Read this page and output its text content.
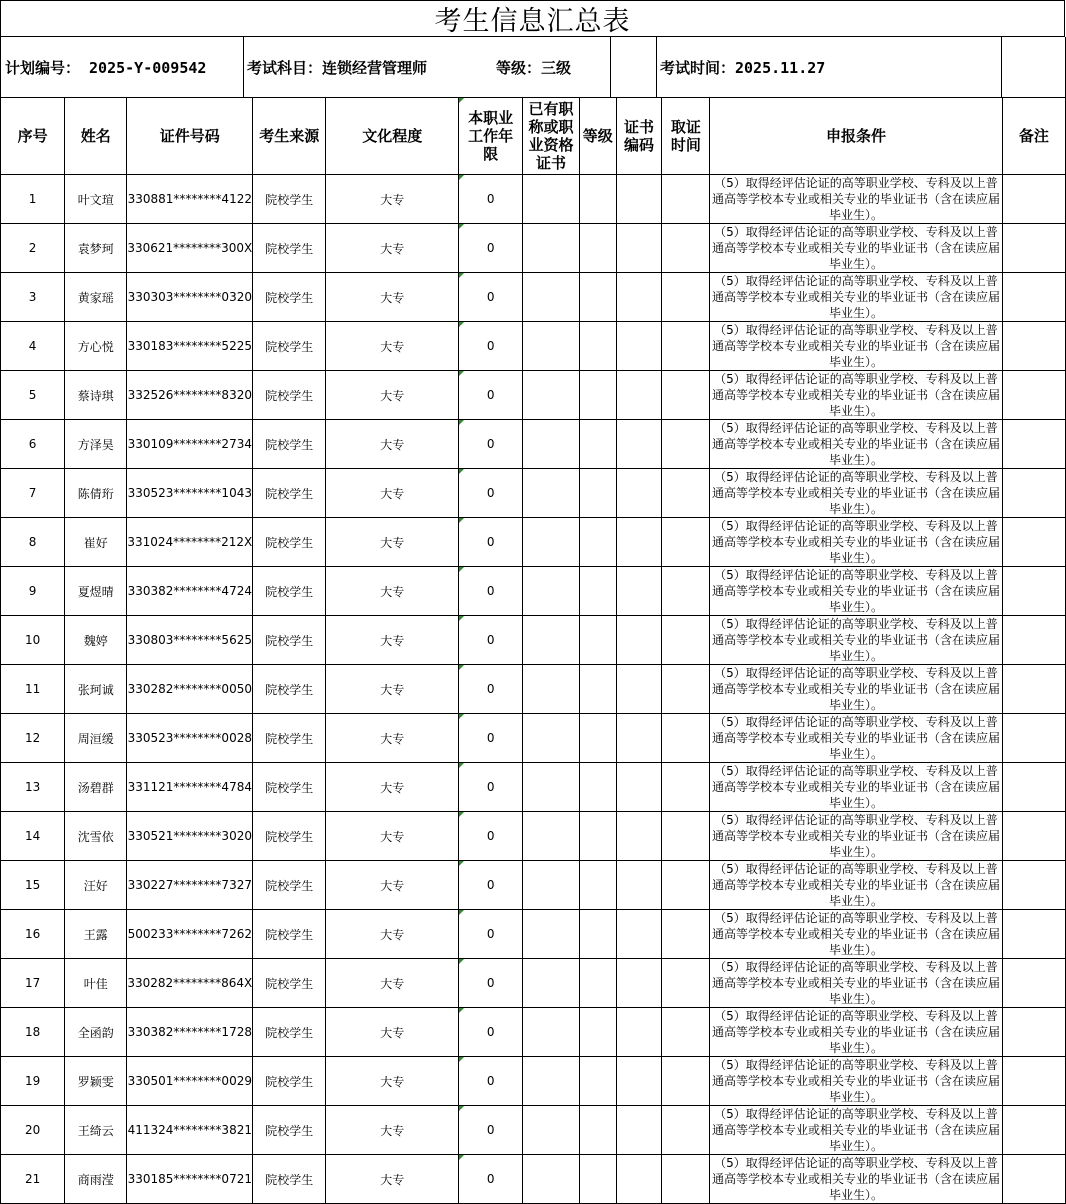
考生信息汇总表
计划编号： 2025-Y-009542	考试科目：连锁经营管理师	等级：三级	考试时间：2025.11.27
序号	姓名	证件号码	考生来源	文化程度	本职业工作年限	已有职称或职业资格证书	等级	证书编码	取证时间	申报条件	备注
1	叶文瑄	330881********4122	院校学生	大专	0					（5）取得经评估论证的高等职业学校、专科及以上普通高等学校本专业或相关专业的毕业证书（含在读应届毕业生）。	
2	袁梦珂	330621********300X	院校学生	大专	0					（5）取得经评估论证的高等职业学校、专科及以上普通高等学校本专业或相关专业的毕业证书（含在读应届毕业生）。	
3	黄家瑶	330303********0320	院校学生	大专	0					（5）取得经评估论证的高等职业学校、专科及以上普通高等学校本专业或相关专业的毕业证书（含在读应届毕业生）。	
4	方心悦	330183********5225	院校学生	大专	0					（5）取得经评估论证的高等职业学校、专科及以上普通高等学校本专业或相关专业的毕业证书（含在读应届毕业生）。	
5	蔡诗琪	332526********8320	院校学生	大专	0					（5）取得经评估论证的高等职业学校、专科及以上普通高等学校本专业或相关专业的毕业证书（含在读应届毕业生）。	
6	方泽昊	330109********2734	院校学生	大专	0					（5）取得经评估论证的高等职业学校、专科及以上普通高等学校本专业或相关专业的毕业证书（含在读应届毕业生）。	
7	陈倩珩	330523********1043	院校学生	大专	0					（5）取得经评估论证的高等职业学校、专科及以上普通高等学校本专业或相关专业的毕业证书（含在读应届毕业生）。	
8	崔好	331024********212X	院校学生	大专	0					（5）取得经评估论证的高等职业学校、专科及以上普通高等学校本专业或相关专业的毕业证书（含在读应届毕业生）。	
9	夏煜晴	330382********4724	院校学生	大专	0					（5）取得经评估论证的高等职业学校、专科及以上普通高等学校本专业或相关专业的毕业证书（含在读应届毕业生）。	
10	魏婷	330803********5625	院校学生	大专	0					（5）取得经评估论证的高等职业学校、专科及以上普通高等学校本专业或相关专业的毕业证书（含在读应届毕业生）。	
11	张珂诚	330282********0050	院校学生	大专	0					（5）取得经评估论证的高等职业学校、专科及以上普通高等学校本专业或相关专业的毕业证书（含在读应届毕业生）。	
12	周洹缓	330523********0028	院校学生	大专	0					（5）取得经评估论证的高等职业学校、专科及以上普通高等学校本专业或相关专业的毕业证书（含在读应届毕业生）。	
13	汤碧群	331121********4784	院校学生	大专	0					（5）取得经评估论证的高等职业学校、专科及以上普通高等学校本专业或相关专业的毕业证书（含在读应届毕业生）。	
14	沈雪依	330521********3020	院校学生	大专	0					（5）取得经评估论证的高等职业学校、专科及以上普通高等学校本专业或相关专业的毕业证书（含在读应届毕业生）。	
15	汪好	330227********7327	院校学生	大专	0					（5）取得经评估论证的高等职业学校、专科及以上普通高等学校本专业或相关专业的毕业证书（含在读应届毕业生）。	
16	王露	500233********7262	院校学生	大专	0					（5）取得经评估论证的高等职业学校、专科及以上普通高等学校本专业或相关专业的毕业证书（含在读应届毕业生）。	
17	叶佳	330282********864X	院校学生	大专	0					（5）取得经评估论证的高等职业学校、专科及以上普通高等学校本专业或相关专业的毕业证书（含在读应届毕业生）。	
18	全函韵	330382********1728	院校学生	大专	0					（5）取得经评估论证的高等职业学校、专科及以上普通高等学校本专业或相关专业的毕业证书（含在读应届毕业生）。	
19	罗颖雯	330501********0029	院校学生	大专	0					（5）取得经评估论证的高等职业学校、专科及以上普通高等学校本专业或相关专业的毕业证书（含在读应届毕业生）。	
20	王绮云	411324********3821	院校学生	大专	0					（5）取得经评估论证的高等职业学校、专科及以上普通高等学校本专业或相关专业的毕业证书（含在读应届毕业生）。	
21	商雨滢	330185********0721	院校学生	大专	0					（5）取得经评估论证的高等职业学校、专科及以上普通高等学校本专业或相关专业的毕业证书（含在读应届毕业生）。	
